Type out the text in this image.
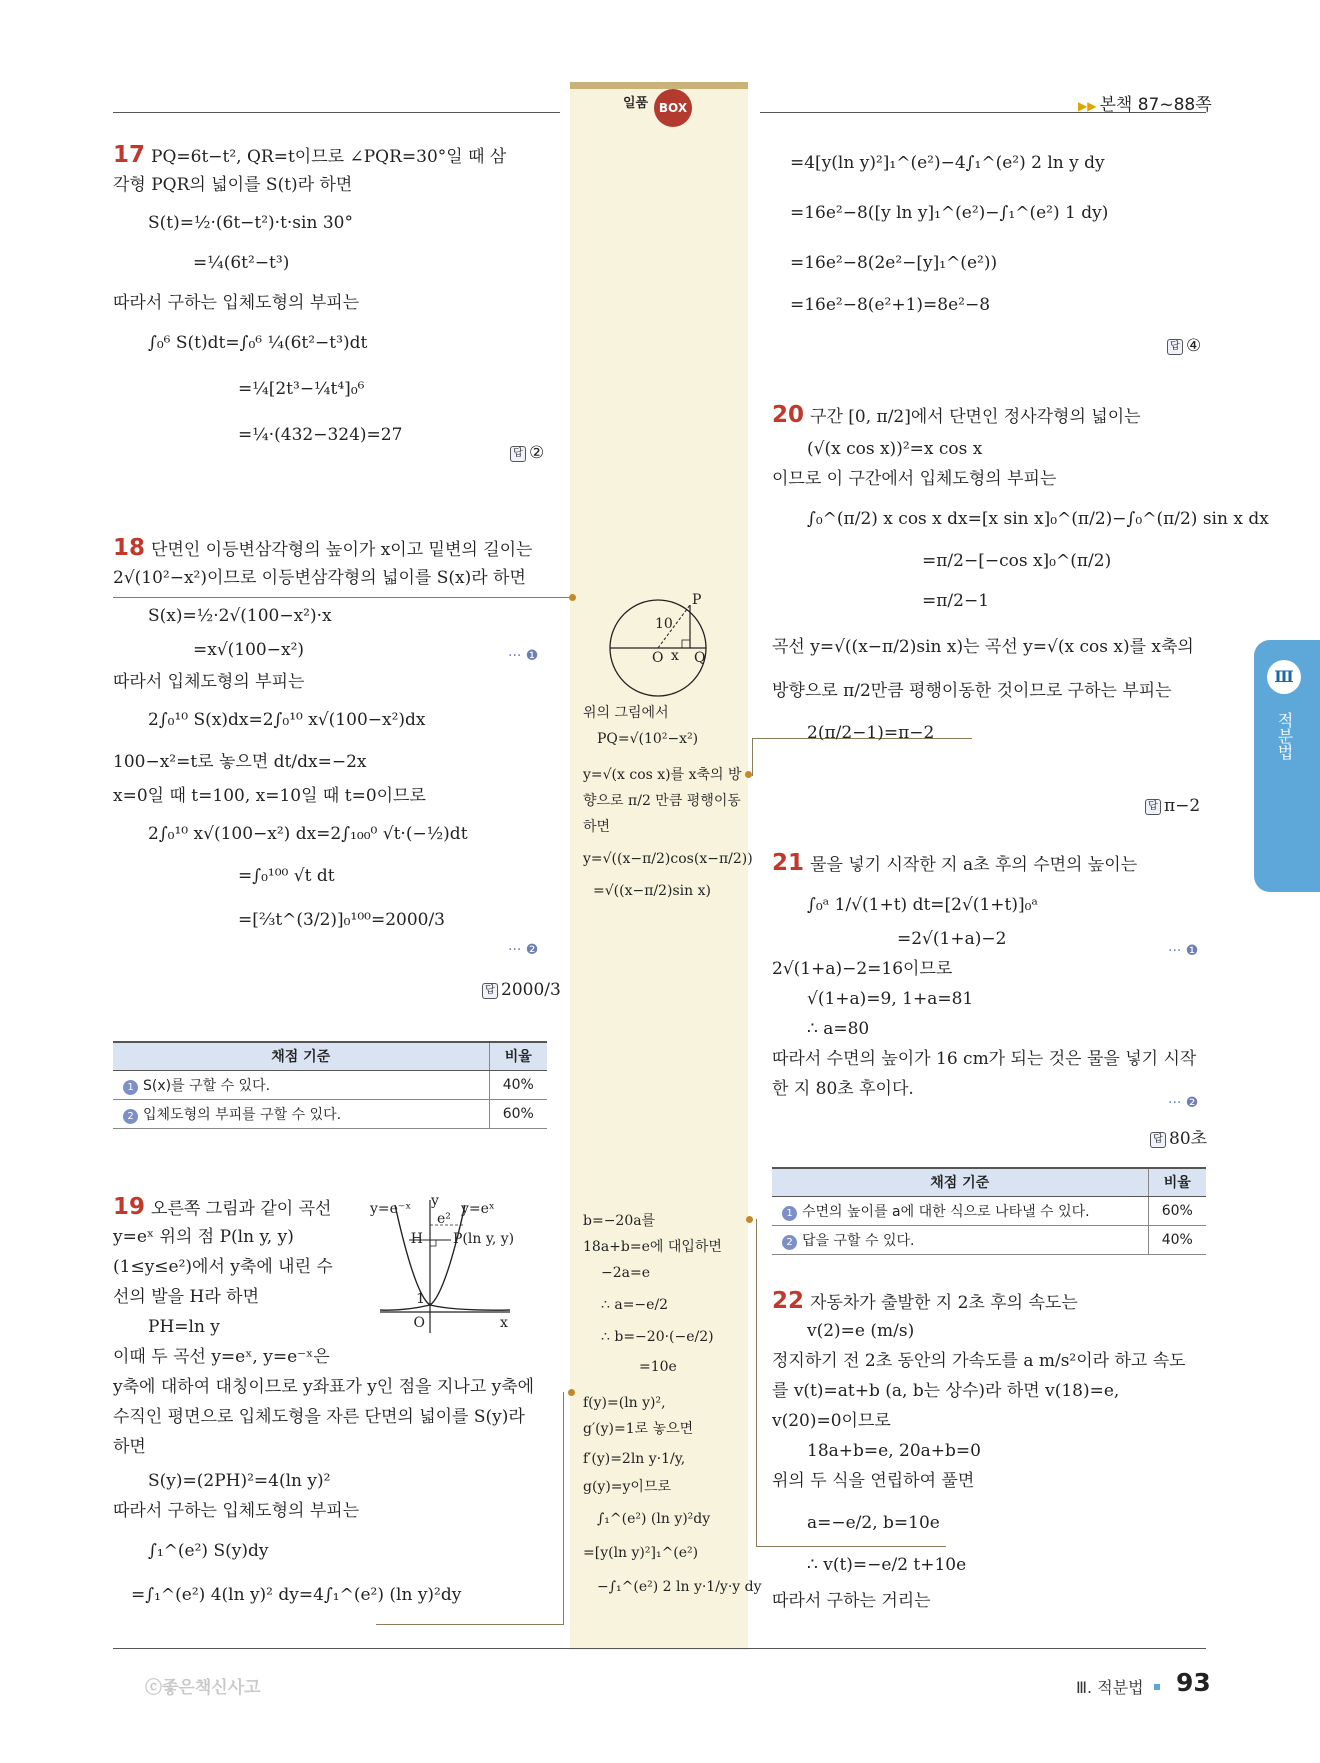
일품 BOX	▶▶ 본책 87~88쪽
Ⅲ
적분법
17 PQ=6t−t², QR=t이므로 ∠PQR=30°일 때 삼
각형 PQR의 넓이를 S(t)라 하면
S(t)=½·(6t−t²)·t·sin 30°
=¼(6t²−t³)
따라서 구하는 입체도형의 부피는
∫₀⁶ S(t)dt=∫₀⁶ ¼(6t²−t³)dt
=¼[2t³−¼t⁴]₀⁶
=¼·(432−324)=27
답 ②
18 단면인 이등변삼각형의 높이가 x이고 밑변의 길이는
2√(10²−x²)이므로 이등변삼각형의 넓이를 S(x)라 하면
S(x)=½·2√(100−x²)·x
=x√(100−x²)
따라서 입체도형의 부피는
2∫₀¹⁰ S(x)dx=2∫₀¹⁰ x√(100−x²)dx
100−x²=t로 놓으면 dt/dx=−2x
x=0일 때 t=100, x=10일 때 t=0이므로
2∫₀¹⁰ x√(100−x²) dx=2∫₁₀₀⁰ √t·(−½)dt
=∫₀¹⁰⁰ √t dt
=[⅔t^(3/2)]₀¹⁰⁰=2000/3
··· ❶
··· ❷
답 2000/3
채점 기준	비율
1 S(x)를 구할 수 있다.	40%
2 입체도형의 부피를 구할 수 있다.	60%
19 오른쪽 그림과 같이 곡선
y=eˣ 위의 점 P(ln y, y)
(1≤y≤e²)에서 y축에 내린 수
선의 발을 H라 하면
PH=ln y
이때 두 곡선 y=eˣ, y=e⁻ˣ은
y축에 대하여 대칭이므로 y좌표가 y인 점을 지나고 y축에
수직인 평면으로 입체도형을 자른 단면의 넓이를 S(y)라
하면
S(y)=(2PH)²=4(ln y)²
따라서 구하는 입체도형의 부피는
∫₁^(e²) S(y)dy
=∫₁^(e²) 4(ln y)² dy=4∫₁^(e²) (ln y)²dy
y=e⁻ˣ	y=eˣ
y
e²
H P(ln y, y)
1
O	x
P
Q
O
10
x
위의 그림에서
PQ=√(10²−x²)
y=√(x cos x)를 x축의 방
향으로 π/2 만큼 평행이동
하면
y=√((x−π/2)cos(x−π/2))
=√((x−π/2)sin x)
b=−20a를
18a+b=e에 대입하면
−2a=e
∴ a=−e/2
∴ b=−20·(−e/2)
=10e
f(y)=(ln y)²,
g′(y)=1로 놓으면
f′(y)=2ln y·1/y,
g(y)=y이므로
∫₁^(e²) (ln y)²dy
=[y(ln y)²]₁^(e²)
−∫₁^(e²) 2 ln y·1/y·y dy
=4[y(ln y)²]₁^(e²)−4∫₁^(e²) 2 ln y dy
=16e²−8([y ln y]₁^(e²)−∫₁^(e²) 1 dy)
=16e²−8(2e²−[y]₁^(e²))
=16e²−8(e²+1)=8e²−8
답 ④
20 구간 [0, π/2]에서 단면인 정사각형의 넓이는
(√(x cos x))²=x cos x
이므로 이 구간에서 입체도형의 부피는
∫₀^(π/2) x cos x dx=[x sin x]₀^(π/2)−∫₀^(π/2) sin x dx
=π/2−[−cos x]₀^(π/2)
=π/2−1
곡선 y=√((x−π/2)sin x)는 곡선 y=√(x cos x)를 x축의
방향으로 π/2만큼 평행이동한 것이므로 구하는 부피는
2(π/2−1)=π−2
답 π−2
21 물을 넣기 시작한 지 a초 후의 수면의 높이는
∫₀ᵃ 1/√(1+t) dt=[2√(1+t)]₀ᵃ
=2√(1+a)−2
2√(1+a)−2=16이므로
√(1+a)=9, 1+a=81
∴ a=80
따라서 수면의 높이가 16 cm가 되는 것은 물을 넣기 시작
한 지 80초 후이다.
··· ❶
··· ❷
답 80초
채점 기준	비율
1 수면의 높이를 a에 대한 식으로 나타낼 수 있다.	60%
2 답을 구할 수 있다.	40%
22 자동차가 출발한 지 2초 후의 속도는
v(2)=e (m/s)
정지하기 전 2초 동안의 가속도를 a m/s²이라 하고 속도
를 v(t)=at+b (a, b는 상수)라 하면 v(18)=e,
v(20)=0이므로
18a+b=e, 20a+b=0
위의 두 식을 연립하여 풀면
a=−e/2, b=10e
∴ v(t)=−e/2 t+10e
따라서 구하는 거리는
ⓒ좋은책신사고	Ⅲ. 적분법	93
